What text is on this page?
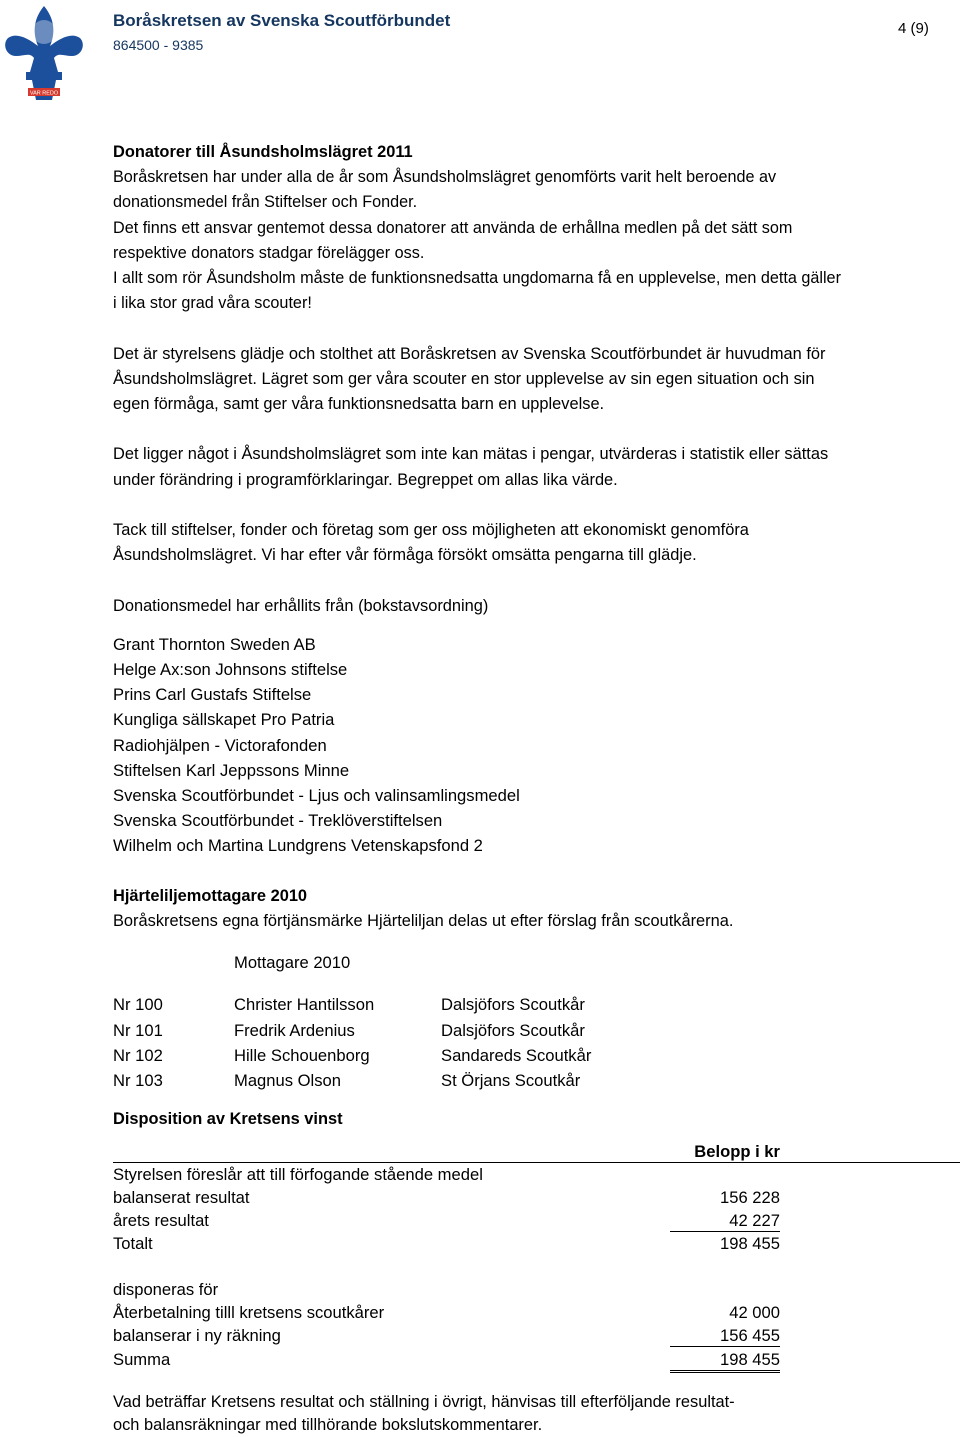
VAR REDO
Boråskretsen av Svenska Scoutförbundet
864500 - 9385
4 (9)
Donatorer till Åsundsholmslägret 2011
Boråskretsen har under alla de år som Åsundsholmslägret genomförts varit helt beroende av
donationsmedel från Stiftelser och Fonder.
Det finns ett ansvar gentemot dessa donatorer att använda de erhållna medlen på det sätt som
respektive donators stadgar förelägger oss.
I allt som rör Åsundsholm måste de funktionsnedsatta ungdomarna få en upplevelse, men detta gäller
i lika stor grad våra scouter!
Det är styrelsens glädje och stolthet att Boråskretsen av Svenska Scoutförbundet är huvudman för
Åsundsholmslägret. Lägret som ger våra scouter en stor upplevelse av sin egen situation och sin
egen förmåga, samt ger våra funktionsnedsatta barn en upplevelse.
Det ligger något i Åsundsholmslägret som inte kan mätas i pengar, utvärderas i statistik eller sättas
under förändring i programförklaringar. Begreppet om allas lika värde.
Tack till stiftelser, fonder och företag som ger oss möjligheten att ekonomiskt genomföra
Åsundsholmslägret. Vi har efter vår förmåga försökt omsätta pengarna till glädje.
Donationsmedel har erhållits från (bokstavsordning)
Grant Thornton Sweden AB
Helge Ax:son Johnsons stiftelse
Prins Carl Gustafs Stiftelse
Kungliga sällskapet Pro Patria
Radiohjälpen - Victorafonden
Stiftelsen Karl Jeppssons Minne
Svenska Scoutförbundet - Ljus och valinsamlingsmedel
Svenska Scoutförbundet - Treklöverstiftelsen
Wilhelm och Martina Lundgrens Vetenskapsfond 2
Hjärteliljemottagare 2010
Boråskretsens egna förtjänsmärke Hjärteliljan delas ut efter förslag från scoutkårerna.
Mottagare 2010
Nr 100	Christer Hantilsson	Dalsjöfors Scoutkår
Nr 101	Fredrik Ardenius	Dalsjöfors Scoutkår
Nr 102	Hille Schouenborg	Sandareds Scoutkår
Nr 103	Magnus Olson	St Örjans Scoutkår
Disposition av Kretsens vinst
Belopp i kr
Styrelsen föreslår att till förfogande stående medel
balanserat resultat	156 228
årets resultat	42 227
Totalt	198 455
disponeras för
Återbetalning tilll kretsens scoutkårer	42 000
balanserar i ny räkning	156 455
Summa	198 455
Vad beträffar Kretsens resultat och ställning i övrigt, hänvisas till efterföljande resultat-
och balansräkningar med tillhörande bokslutskommentarer.
